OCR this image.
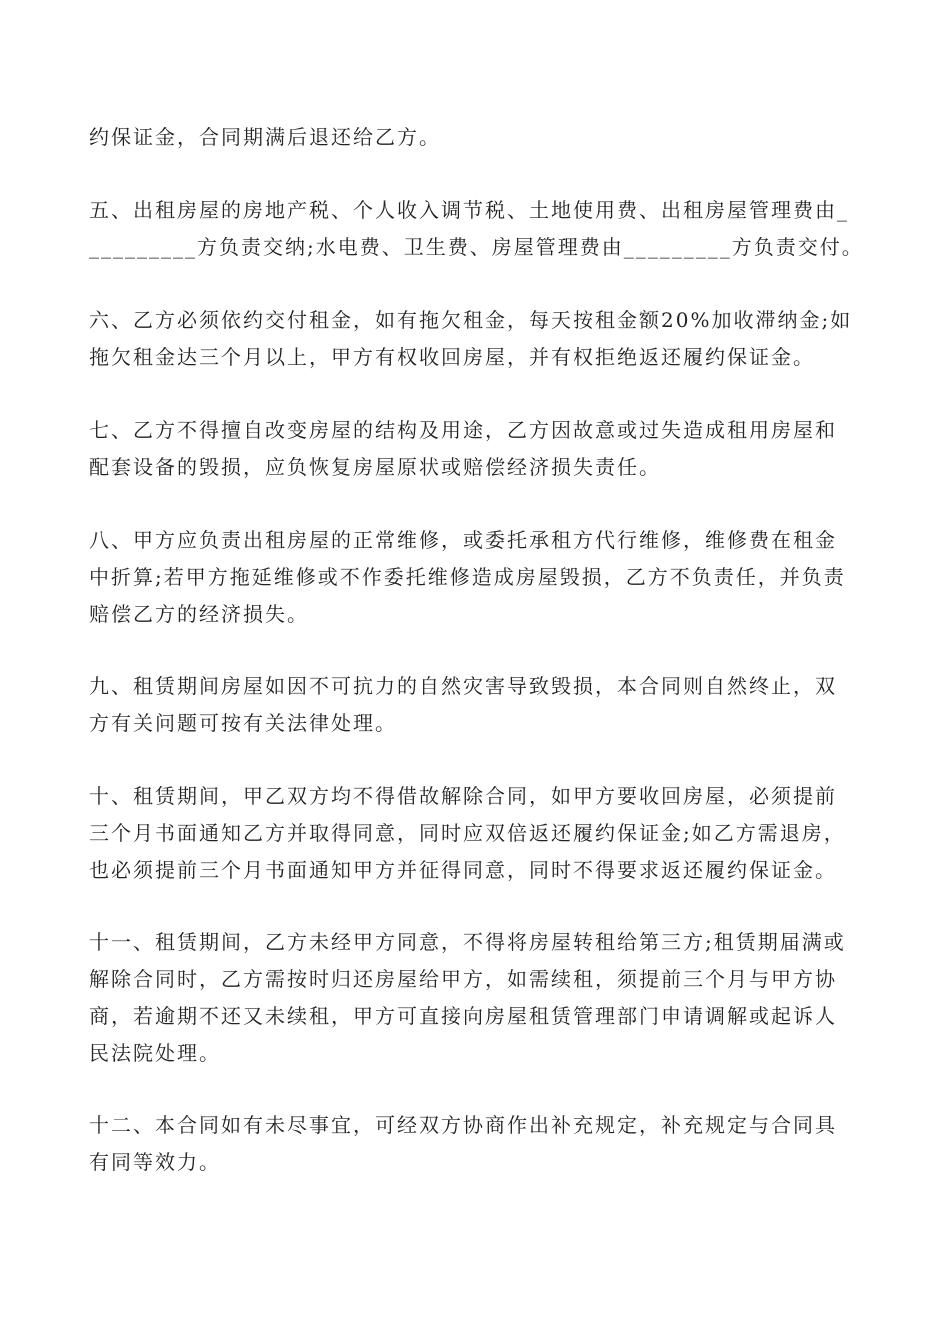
约保证金，合同期满后退还给乙方。
五、出租房屋的房地产税、个人收入调节税、土地使用费、出租房屋管理费由_
_________方负责交纳;水电费、卫生费、房屋管理费由_________方负责交付。
六、乙方必须依约交付租金，如有拖欠租金，每天按租金额20%加收滞纳金;如
拖欠租金达三个月以上，甲方有权收回房屋，并有权拒绝返还履约保证金。
七、乙方不得擅自改变房屋的结构及用途，乙方因故意或过失造成租用房屋和
配套设备的毁损，应负恢复房屋原状或赔偿经济损失责任。
八、甲方应负责出租房屋的正常维修，或委托承租方代行维修，维修费在租金
中折算;若甲方拖延维修或不作委托维修造成房屋毁损，乙方不负责任，并负责
赔偿乙方的经济损失。
九、租赁期间房屋如因不可抗力的自然灾害导致毁损，本合同则自然终止，双
方有关问题可按有关法律处理。
十、租赁期间，甲乙双方均不得借故解除合同，如甲方要收回房屋，必须提前
三个月书面通知乙方并取得同意，同时应双倍返还履约保证金;如乙方需退房，
也必须提前三个月书面通知甲方并征得同意，同时不得要求返还履约保证金。
十一、租赁期间，乙方未经甲方同意，不得将房屋转租给第三方;租赁期届满或
解除合同时，乙方需按时归还房屋给甲方，如需续租，须提前三个月与甲方协
商，若逾期不还又未续租，甲方可直接向房屋租赁管理部门申请调解或起诉人
民法院处理。
十二、本合同如有未尽事宜，可经双方协商作出补充规定，补充规定与合同具
有同等效力。
